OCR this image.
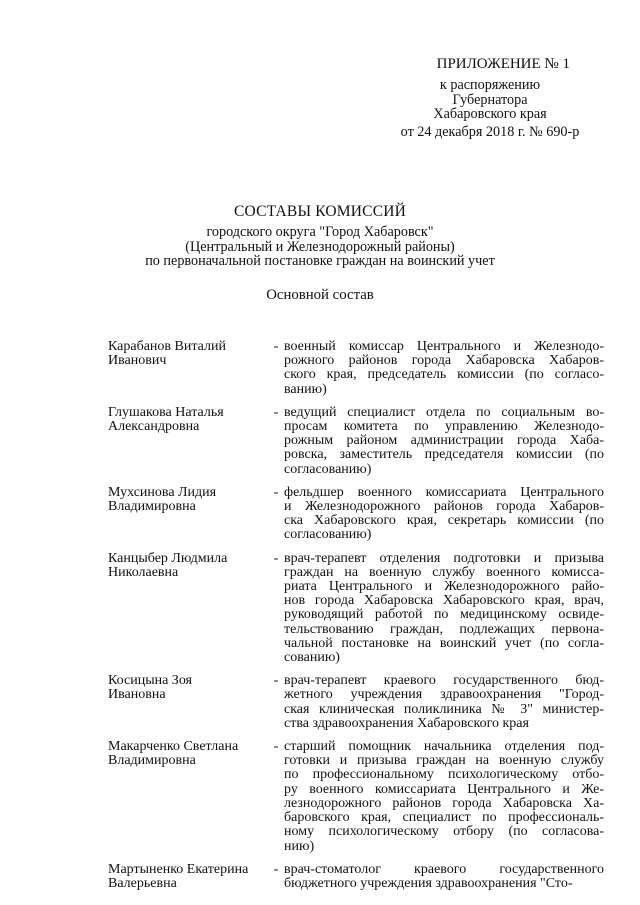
ПРИЛОЖЕНИЕ № 1
к распоряжению
Губернатора
Хабаровского края
от 24 декабря 2018 г. № 690-р
СОСТАВЫ КОМИССИЙ
городского округа "Город Хабаровск"
(Центральный и Железнодорожный районы)
по первоначальной постановке граждан на воинский учет
Основной состав
Карабанов Виталий
Иванович
- военный комиссар Центрального и Железнодо-
рожного районов города Хабаровска Хабаров-
ского края, председатель комиссии (по согласо-
ванию)
Глушакова Наталья
Александровна
- ведущий специалист отдела по социальным во-
просам комитета по управлению Железнодо-
рожным районом администрации города Хаба-
ровска, заместитель председателя комиссии (по
согласованию)
Мухсинова Лидия
Владимировна
- фельдшер военного комиссариата Центрального
и Железнодорожного районов города Хабаров-
ска Хабаровского края, секретарь комиссии (по
согласованию)
Канцыбер Людмила
Николаевна
- врач-терапевт отделения подготовки и призыва
граждан на военную службу военного комисса-
риата Центрального и Железнодорожного райо-
нов города Хабаровска Хабаровского края, врач,
руководящий работой по медицинскому освиде-
тельствованию граждан, подлежащих первона-
чальной постановке на воинский учет (по согла-
сованию)
Косицына Зоя
Ивановна
- врач-терапевт краевого государственного бюд-
жетного учреждения здравоохранения "Город-
ская клиническая поликлиника № 3" министер-
ства здравоохранения Хабаровского края
Макарченко Светлана
Владимировна
- старший помощник начальника отделения под-
готовки и призыва граждан на военную службу
по профессиональному психологическому отбо-
ру военного комиссариата Центрального и Же-
лезнодорожного районов города Хабаровска Ха-
баровского края, специалист по профессиональ-
ному психологическому отбору (по согласова-
нию)
Мартыненко Екатерина
Валерьевна
- врач-стоматолог краевого государственного
бюджетного учреждения здравоохранения "Сто-
